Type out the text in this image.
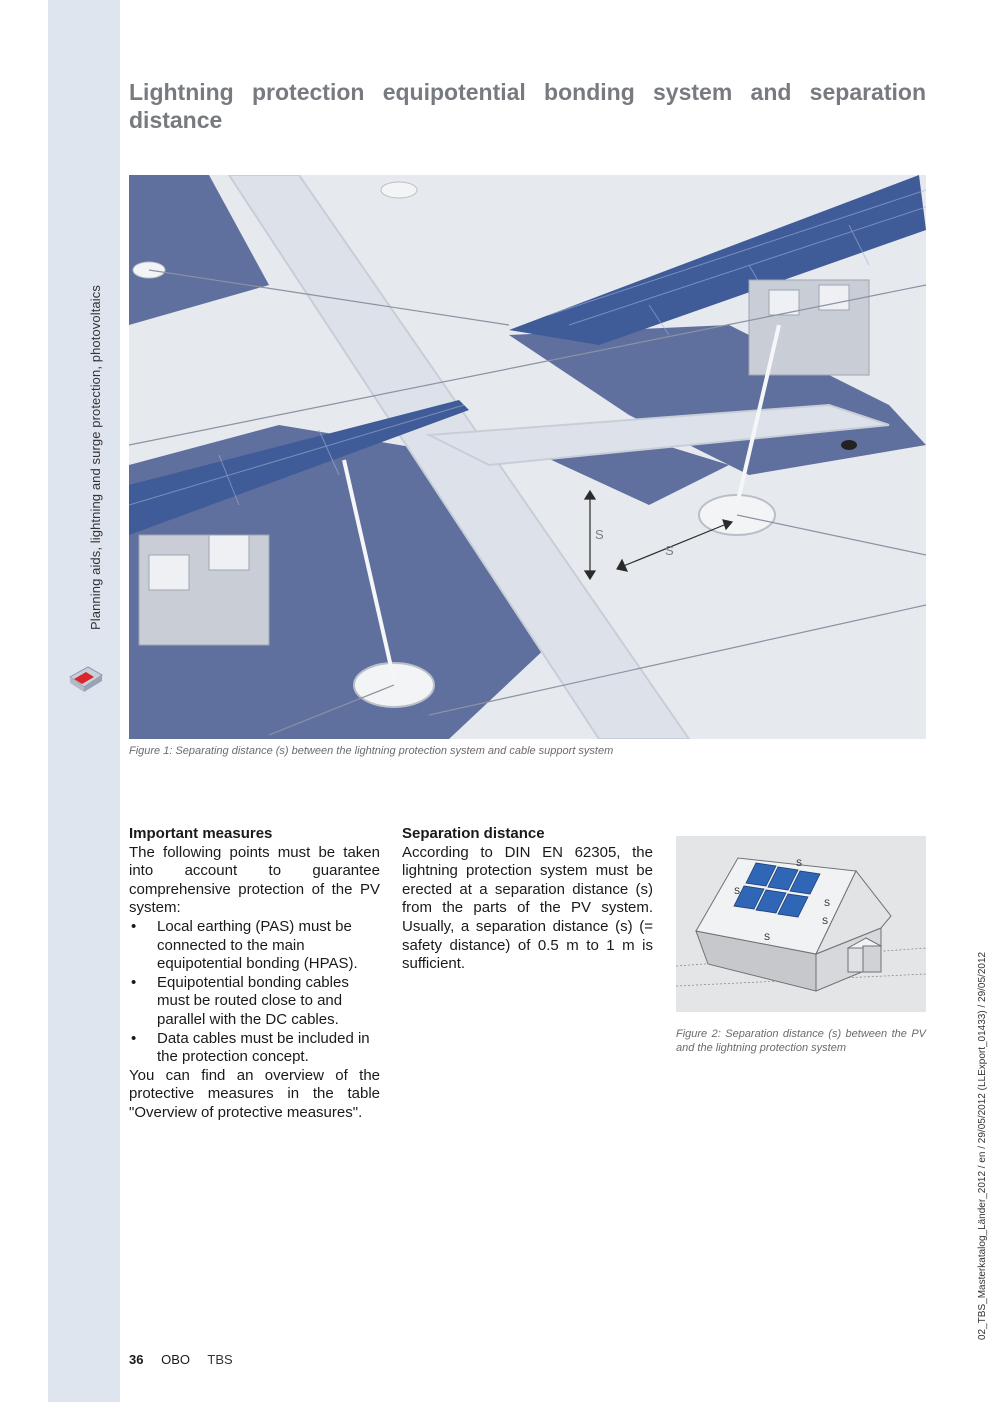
Planning aids, lightning and surge protection, photovoltaics
Lightning protection equipotential bonding system and separation distance
S
S
Figure 1: Separating distance (s) between the lightning protection system and cable support system
Important measures

The following points must be taken into account to guarantee comprehensive protection of the PV system:

• Local earthing (PAS) must be connected to the main equipotential bonding (HPAS).
• Equipotential bonding cables must be routed close to and parallel with the DC cables.
• Data cables must be included in the protection concept.

You can find an overview of the protective measures in the table "Overview of protective measures".

Separation distance

According to DIN EN 62305, the lightning protection system must be erected at a separation distance (s) from the parts of the PV system. Usually, a separation distance (s) (= safety distance) of 0.5 m to 1 m is sufficient.

S
S
S
S
S
Figure 2: Separation distance (s) between the PV and the lightning protection system	02_TBS_Masterkatalog_Länder_2012 / en / 29/05/2012 (LLExport_01433) / 29/05/2012
36 OBO TBS
